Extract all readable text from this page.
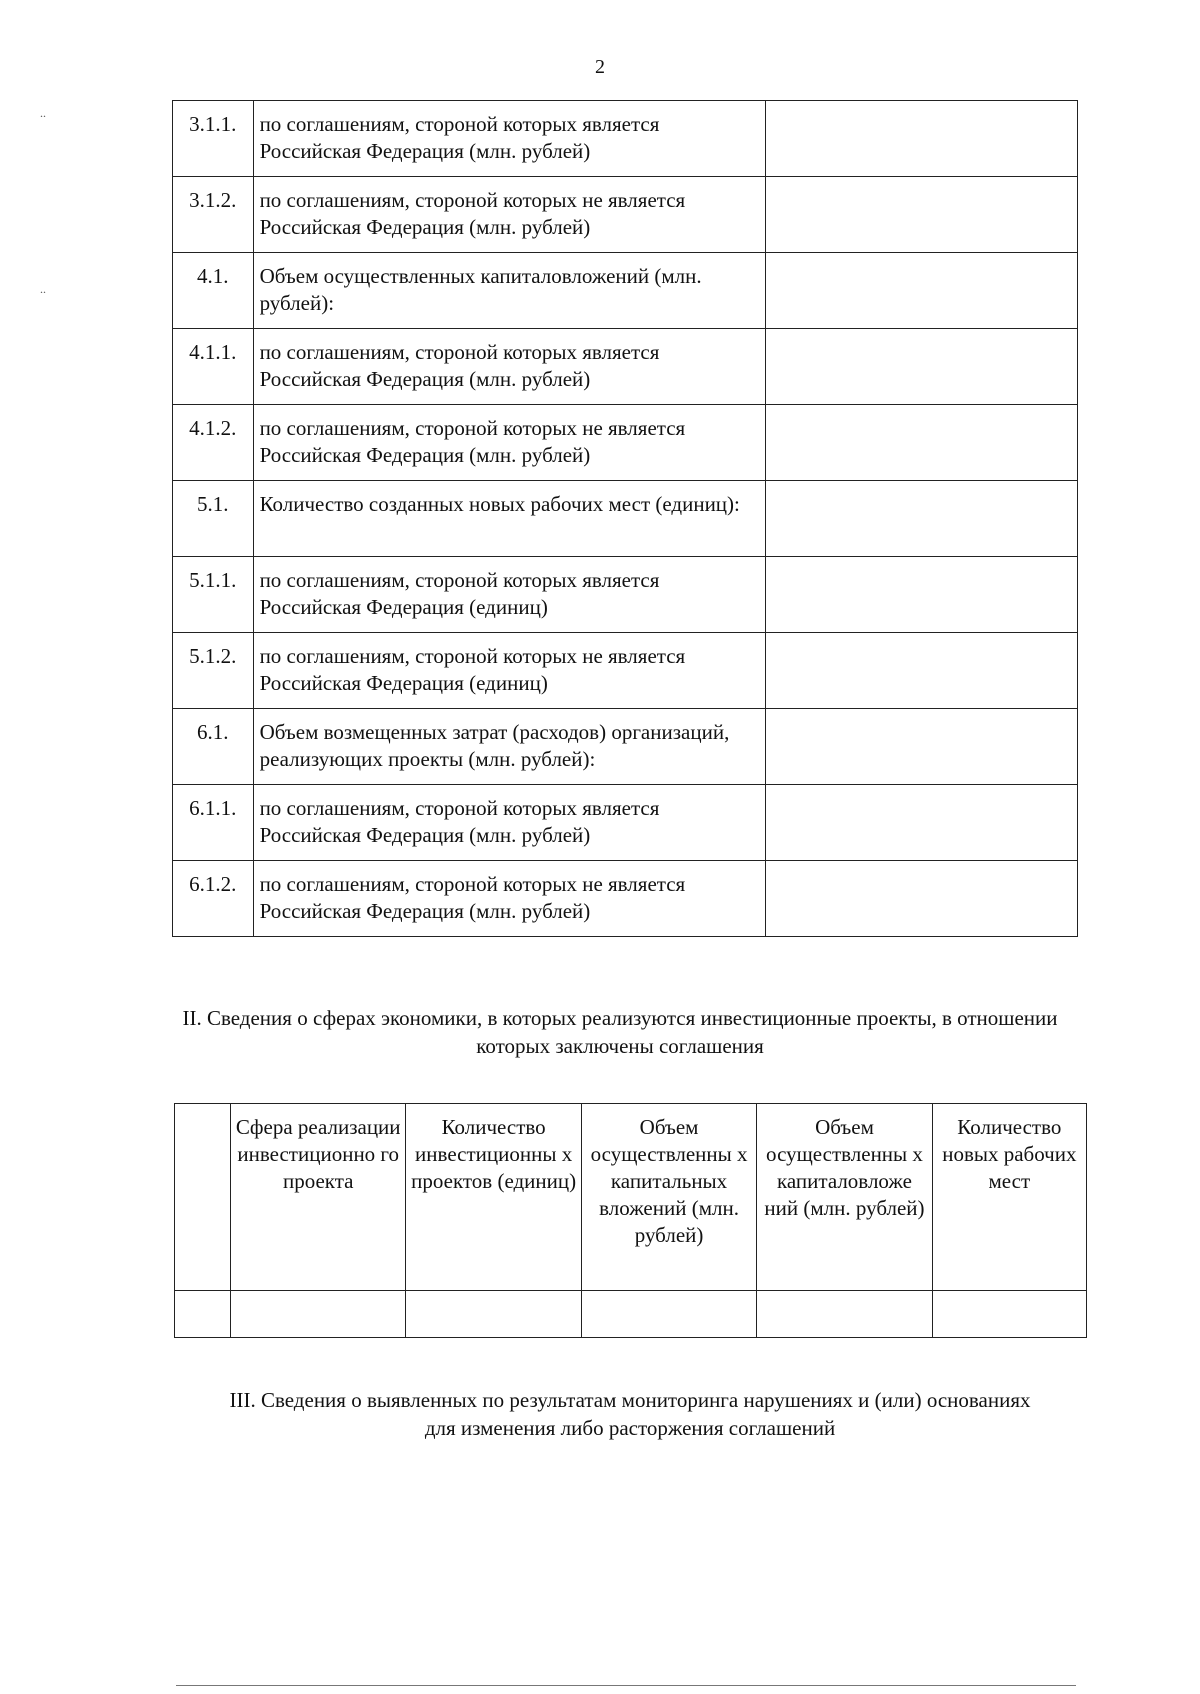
2
..
..
3.1.1.	по соглашениям, стороной которых является Российская Федерация (млн. рублей)	
3.1.2.	по соглашениям, стороной которых не является Российская Федерация (млн. рублей)	
4.1.	Объем осуществленных капиталовложений (млн. рублей):	
4.1.1.	по соглашениям, стороной которых является Российская Федерация (млн. рублей)	
4.1.2.	по соглашениям, стороной которых не является Российская Федерация (млн. рублей)	
5.1.	Количество созданных новых рабочих мест (единиц):	
5.1.1.	по соглашениям, стороной которых является Российская Федерация (единиц)	
5.1.2.	по соглашениям, стороной которых не является Российская Федерация (единиц)	
6.1.	Объем возмещенных затрат (расходов) организаций, реализующих проекты (млн. рублей):	
6.1.1.	по соглашениям, стороной которых является Российская Федерация (млн. рублей)	
6.1.2.	по соглашениям, стороной которых не является Российская Федерация (млн. рублей)	
II. Сведения о сферах экономики, в которых реализуются инвестиционные проекты, в отношении которых заключены соглашения
	Сфера реализации инвестиционно го проекта	Количество инвестиционны х проектов (единиц)	Объем осуществленны х капитальных вложений (млн. рублей)	Объем осуществленны х капиталовложе ний (млн. рублей)	Количество новых рабочих мест

III. Сведения о выявленных по результатам мониторинга нарушениях и (или) основаниях для изменения либо расторжения соглашений
